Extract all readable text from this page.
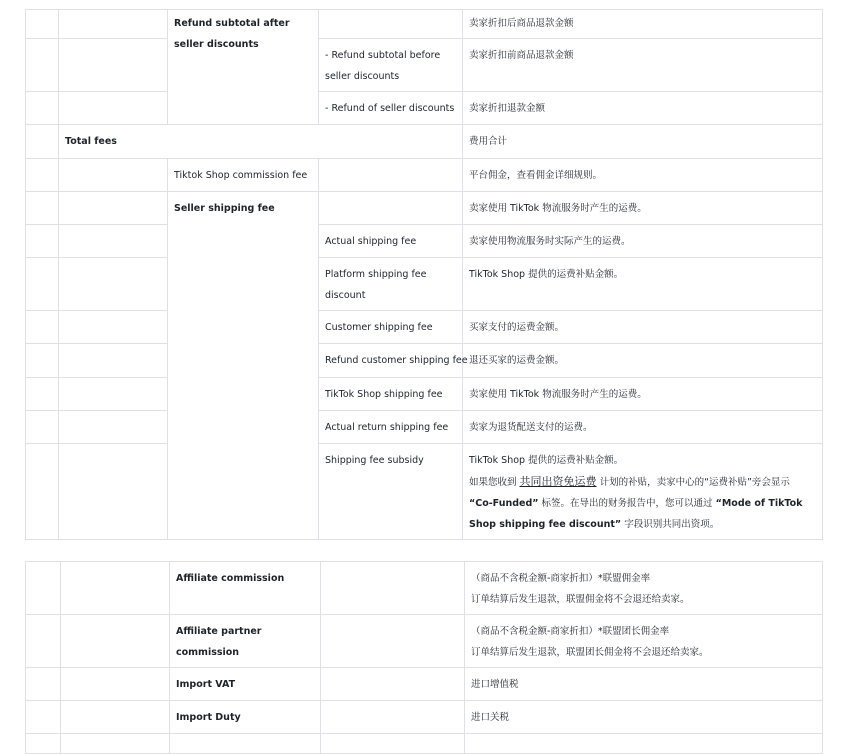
		Refund subtotal after seller discounts		卖家折扣后商品退款金额

			- Refund subtotal before seller discounts	卖家折扣前商品退款金额

			- Refund of seller discounts	卖家折扣退款金额

	Total fees			费用合计

		Tiktok Shop commission fee		平台佣金，查看佣金详细规则。

		Seller shipping fee		卖家使用 TikTok 物流服务时产生的运费。

			Actual shipping fee	卖家使用物流服务时实际产生的运费。

			Platform shipping fee discount	TikTok Shop 提供的运费补贴金额。

			Customer shipping fee	买家支付的运费金额。

			Refund customer shipping fee	退还买家的运费金额。

			TikTok Shop shipping fee	卖家使用 TikTok 物流服务时产生的运费。

			Actual return shipping fee	卖家为退货配送支付的运费。

			Shipping fee subsidy	TikTok Shop 提供的运费补贴金额。
如果您收到 共同出资免运费 计划的补贴，卖家中心的“运费补贴”旁会显示 “Co-Funded” 标签。在导出的财务报告中，您可以通过 “Mode of TikTok Shop shipping fee discount” 字段识别共同出资项。

		Affiliate commission		（商品不含税金额-商家折扣）*联盟佣金率
订单结算后发生退款，联盟佣金将不会退还给卖家。

		Affiliate partner commission		（商品不含税金额-商家折扣）*联盟团长佣金率
订单结算后发生退款，联盟团长佣金将不会退还给卖家。

		Import VAT		进口增值税

		Import Duty		进口关税
